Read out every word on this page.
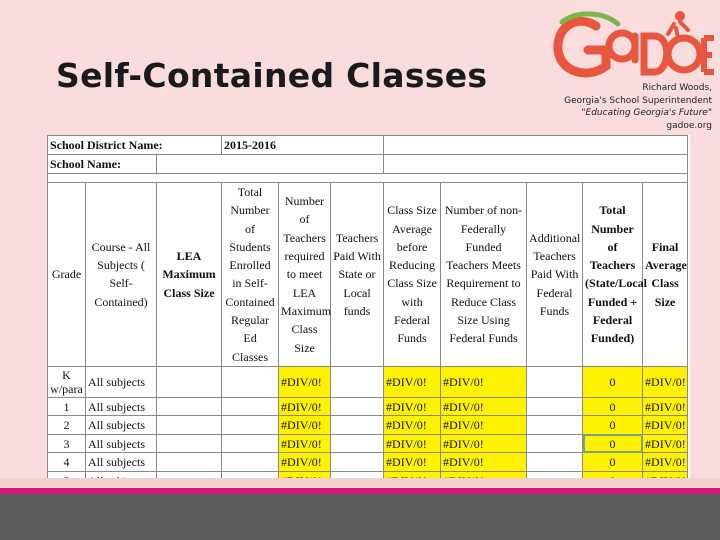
Self-Contained Classes	Richard Woods,
Georgia's School Superintendent
"Educating Georgia's Future"
gadoe.org
School District Name:			2015-2016							
School Name:										

Grade	Course - All Subjects ( Self-Contained)	LEA Maximum Class Size	Total Number of Students Enrolled in Self-Contained Regular Ed Classes	Number of Teachers required to meet LEA Maximum Class Size	Teachers Paid With State or Local funds	Class Size Average before Reducing Class Size with Federal Funds	Number of non-Federally Funded Teachers Meets Requirement to Reduce Class Size Using Federal Funds	Additional Teachers Paid With Federal Funds	Total Number of Teachers (State/Local Funded + Federal Funded)	Final Average Class Size
K w/para	All subjects			#DIV/0!		#DIV/0!	#DIV/0!		0	#DIV/0!
1	All subjects			#DIV/0!		#DIV/0!	#DIV/0!		0	#DIV/0!
2	All subjects			#DIV/0!		#DIV/0!	#DIV/0!		0	#DIV/0!
3	All subjects			#DIV/0!		#DIV/0!	#DIV/0!		0	#DIV/0!
4	All subjects			#DIV/0!		#DIV/0!	#DIV/0!		0	#DIV/0!
